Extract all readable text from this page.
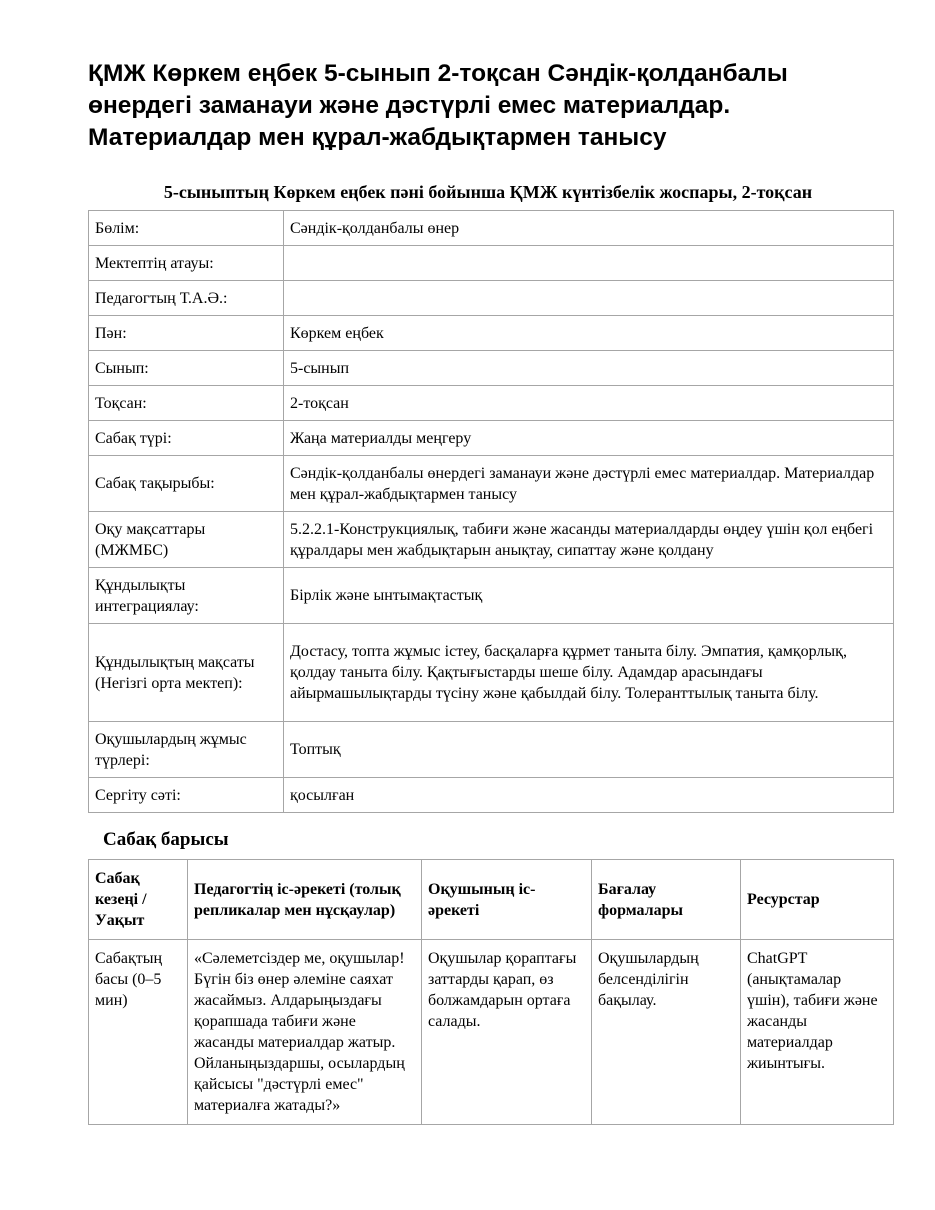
ҚМЖ Көркем еңбек 5-сынып 2-тоқсан Сәндік-қолданбалы өнердегі заманауи және дәстүрлі емес материалдар. Материалдар мен құрал-жабдықтармен танысу
5-сыныптың Көркем еңбек пәні бойынша ҚМЖ күнтізбелік жоспары, 2-тоқсан
Бөлім:	Сәндік-қолданбалы өнер
Мектептің атауы:	
Педагогтың Т.А.Ә.:	
Пән:	Көркем еңбек
Сынып:	5-сынып
Тоқсан:	2-тоқсан
Сабақ түрі:	Жаңа материалды меңгеру
Сабақ тақырыбы:	Сәндік-қолданбалы өнердегі заманауи және дәстүрлі емес материалдар. Материалдар мен құрал-жабдықтармен танысу
Оқу мақсаттары (МЖМБС)	5.2.2.1-Конструкциялық, табиғи және жасанды материалдарды өңдеу үшін қол еңбегі құралдары мен жабдықтарын анықтау, сипаттау және қолдану
Құндылықты интеграциялау:	Бірлік және ынтымақтастық
Құндылықтың мақсаты (Негізгі орта мектеп):	Достасу, топта жұмыс істеу, басқаларға құрмет таныта білу. Эмпатия, қамқорлық, қолдау таныта білу. Қақтығыстарды шеше білу. Адамдар арасындағы айырмашылықтарды түсіну және қабылдай білу. Толеранттылық таныта білу.
Оқушылардың жұмыс түрлері:	Топтық
Сергіту сәті:	қосылған
Сабақ барысы
Сабақ кезеңі / Уақыт	Педагогтің іс-әрекеті (толық репликалар мен нұсқаулар)	Оқушының іс-әрекеті	Бағалау формалары	Ресурстар
Сабақтың басы (0–5 мин)	«Сәлеметсіздер ме, оқушылар! Бүгін біз өнер әлеміне саяхат жасаймыз. Алдарыңыздағы қорапшада табиғи және жасанды материалдар жатыр. Ойланыңыздаршы, осылардың қайсысы "дәстүрлі емес" материалға жатады?»	Оқушылар қораптағы заттарды қарап, өз болжамдарын ортаға салады.	Оқушылардың белсенділігін бақылау.	ChatGPT (анықтамалар үшін), табиғи және жасанды материалдар жиынтығы.
